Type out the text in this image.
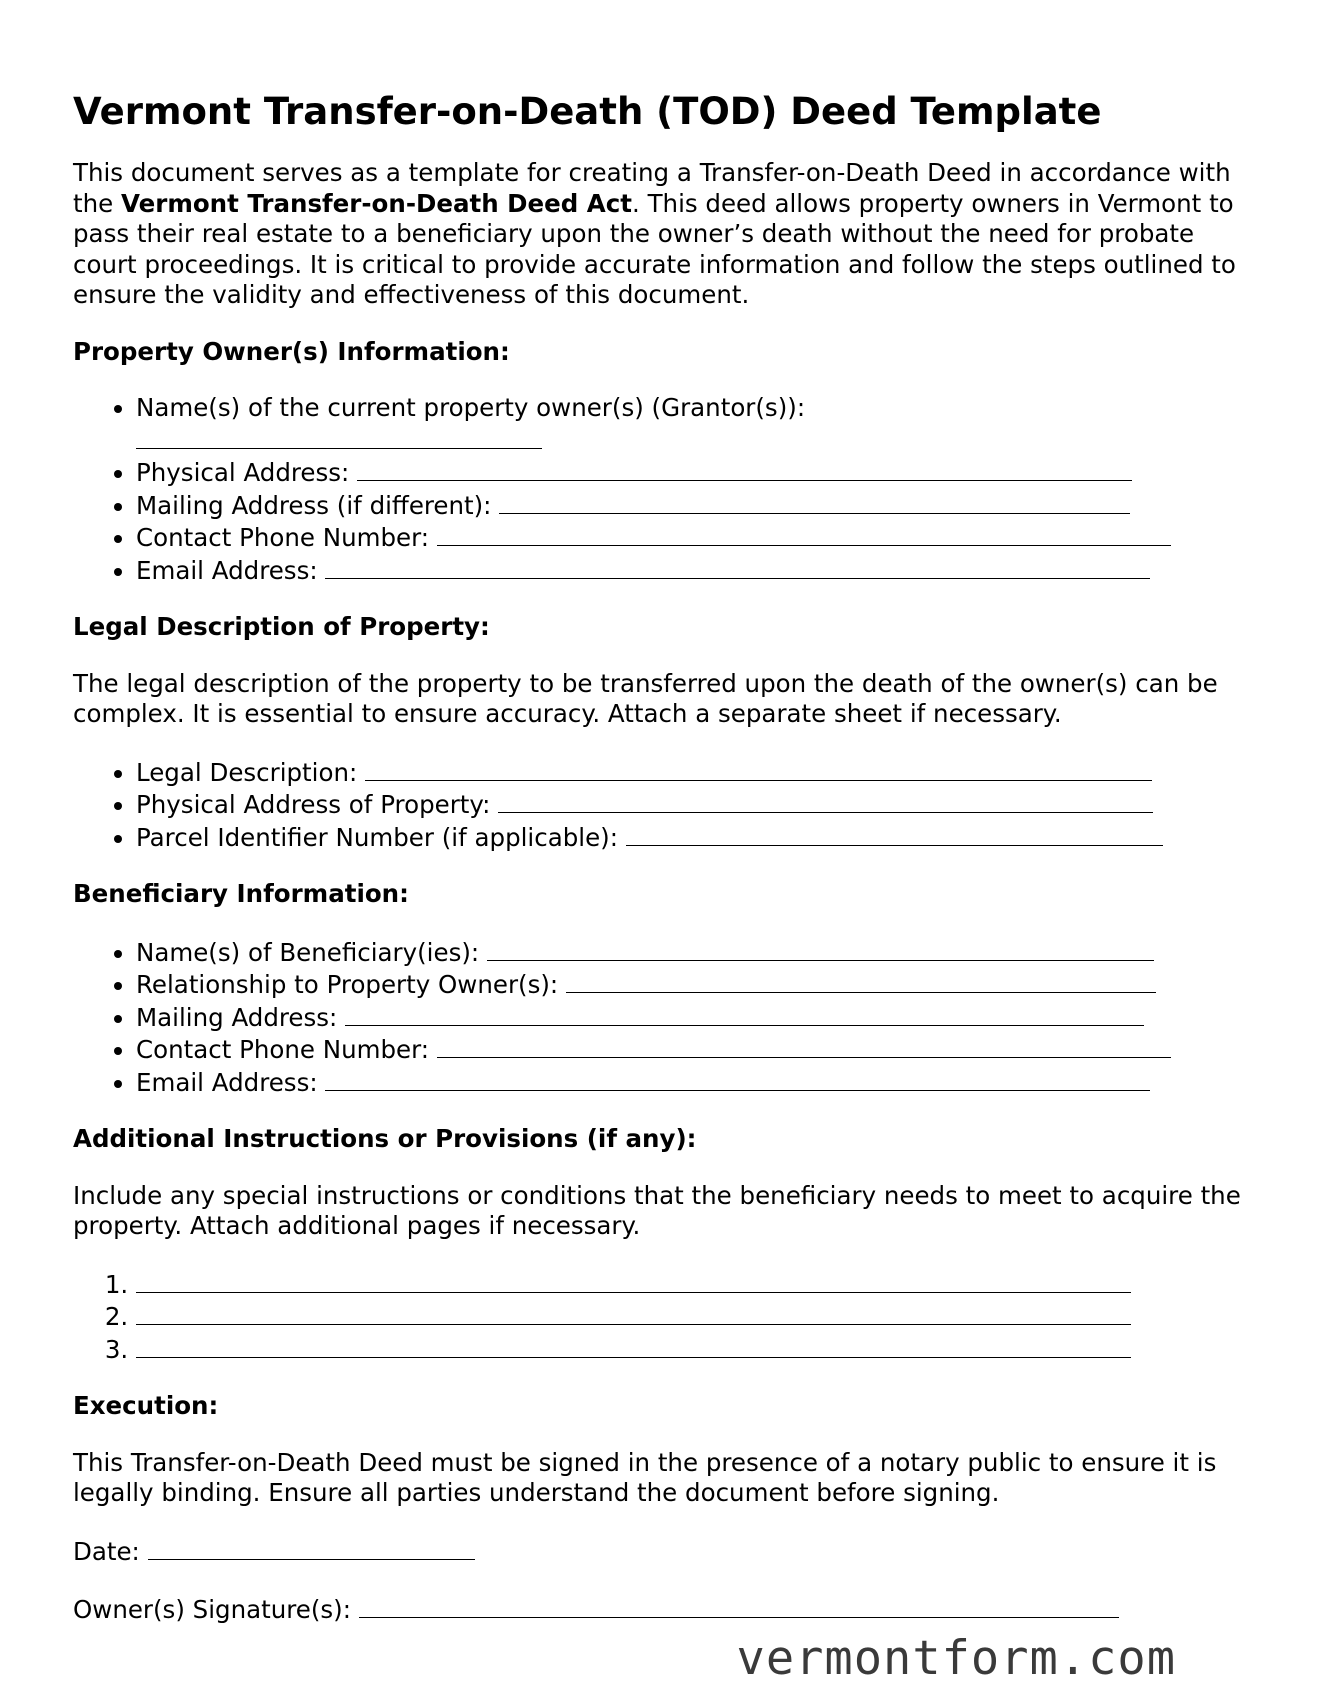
Vermont Transfer-on-Death (TOD) Deed Template

This document serves as a template for creating a Transfer-on-Death Deed in accordance with the Vermont Transfer-on-Death Deed Act. This deed allows property owners in Vermont to pass their real estate to a beneficiary upon the owner’s death without the need for probate court proceedings. It is critical to provide accurate information and follow the steps outlined to ensure the validity and effectiveness of this document.

Property Owner(s) Information:
• Name(s) of the current property owner(s) (Grantor(s)):

• Physical Address:
• Mailing Address (if different):
• Contact Phone Number:
• Email Address:
Legal Description of Property:

The legal description of the property to be transferred upon the death of the owner(s) can be complex. It is essential to ensure accuracy. Attach a separate sheet if necessary.

• Legal Description:
• Physical Address of Property:
• Parcel Identifier Number (if applicable):
Beneficiary Information:
• Name(s) of Beneficiary(ies):
• Relationship to Property Owner(s):
• Mailing Address:
• Contact Phone Number:
• Email Address:
Additional Instructions or Provisions (if any):

Include any special instructions or conditions that the beneficiary needs to meet to acquire the property. Attach additional pages if necessary.

1.
2.
3.
Execution:

This Transfer-on-Death Deed must be signed in the presence of a notary public to ensure it is legally binding. Ensure all parties understand the document before signing.

Date:
Owner(s) Signature(s):
vermontform.com
